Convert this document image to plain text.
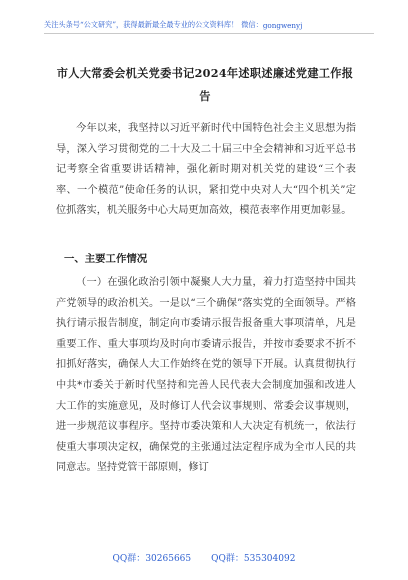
关注头条号“公文研究”，获得最新最全最专业的公文资料库！ 微信： gongwenyj
市人大常委会机关党委书记2024年述职述廉述党建工作报告
今年以来，我坚持以习近平新时代中国特色社会主义思想为指导，深入学习贯彻党的二十大及二十届三中全会精神和习近平总书记考察全省重要讲话精神，强化新时期对机关党的建设“三个表率、一个模范”使命任务的认识，紧扣党中央对人大“四个机关”定位抓落实，机关服务中心大局更加高效，模范表率作用更加彰显。
一、主要工作情况
（一）在强化政治引领中凝聚人大力量，着力打造坚持中国共产党领导的政治机关。一是以“三个确保”落实党的全面领导。严格执行请示报告制度，制定向市委请示报告报备重大事项清单，凡是重要工作、重大事项均及时向市委请示报告，并按市委要求不折不扣抓好落实，确保人大工作始终在党的领导下开展。认真贯彻执行中共*市委关于新时代坚持和完善人民代表大会制度加强和改进人大工作的实施意见，及时修订人代会议事规则、常委会议事规则，进一步规范议事程序。坚持市委决策和人大决定有机统一，依法行使重大事项决定权，确保党的主张通过法定程序成为全市人民的共同意志。坚持党管干部原则，修订
QQ群：30265665 QQ群：535304092
